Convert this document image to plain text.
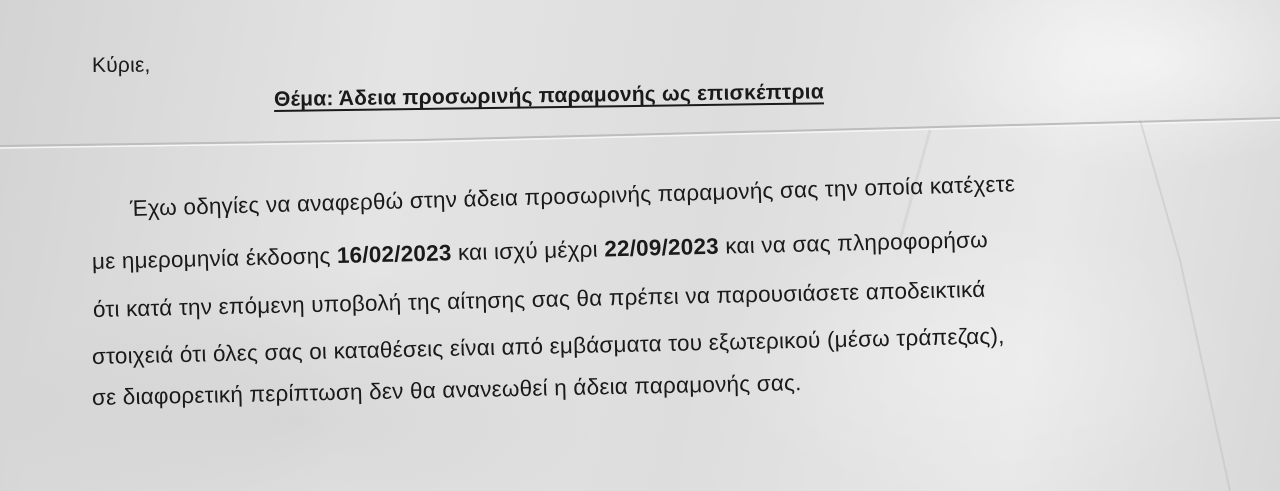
Κύριε,
Θέμα: Άδεια προσωρινής παραμονής ως επισκέπτρια
Έχω οδηγίες να αναφερθώ στην άδεια προσωρινής παραμονής σας την οποία κατέχετε
με ημερομηνία έκδοσης 16/02/2023 και ισχύ μέχρι 22/09/2023 και να σας πληροφορήσω
ότι κατά την επόμενη υποβολή της αίτησης σας θα πρέπει να παρουσιάσετε αποδεικτικά
στοιχειά ότι όλες σας οι καταθέσεις είναι από εμβάσματα του εξωτερικού (μέσω τράπεζας),
σε διαφορετική περίπτωση δεν θα ανανεωθεί η άδεια παραμονής σας.
